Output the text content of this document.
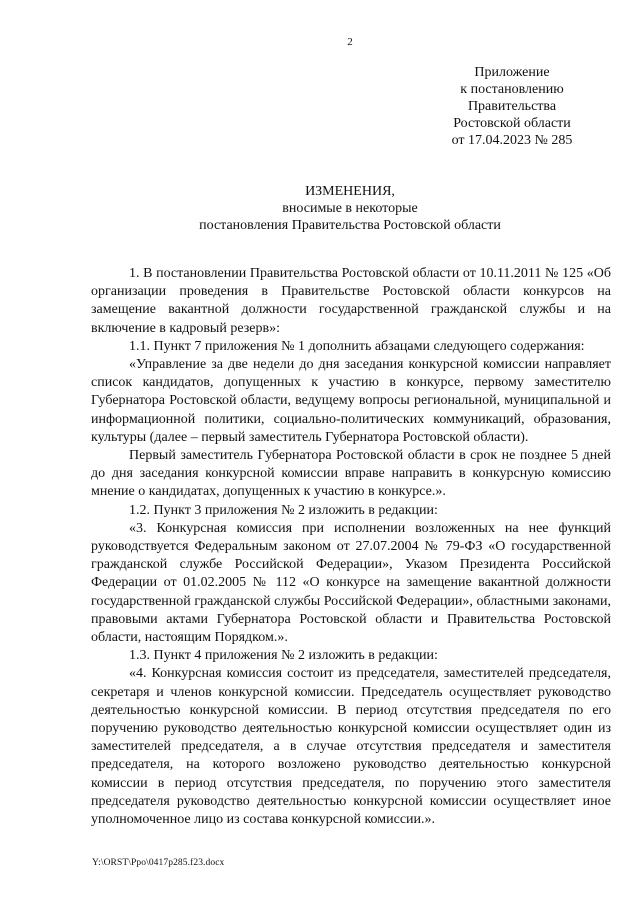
2
Приложение
к постановлению
Правительства
Ростовской области
от 17.04.2023 № 285
ИЗМЕНЕНИЯ,
вносимые в некоторые
постановления Правительства Ростовской области

1. В постановлении Правительства Ростовской области от 10.11.2011 № 125 «Об организации проведения в Правительстве Ростовской области конкурсов на замещение вакантной должности государственной гражданской службы и на включение в кадровый резерв»:

1.1. Пункт 7 приложения № 1 дополнить абзацами следующего содержания:

«Управление за две недели до дня заседания конкурсной комиссии направляет список кандидатов, допущенных к участию в конкурсе, первому заместителю Губернатора Ростовской области, ведущему вопросы региональной, муниципальной и информационной политики, социально-политических коммуникаций, образования, культуры (далее – первый заместитель Губернатора Ростовской области).

Первый заместитель Губернатора Ростовской области в срок не позднее 5 дней до дня заседания конкурсной комиссии вправе направить в конкурсную комиссию мнение о кандидатах, допущенных к участию в конкурсе.».

1.2. Пункт 3 приложения № 2 изложить в редакции:

«3. Конкурсная комиссия при исполнении возложенных на нее функций руководствуется Федеральным законом от 27.07.2004 № 79-ФЗ «О государственной гражданской службе Российской Федерации», Указом Президента Российской Федерации от 01.02.2005 № 112 «О конкурсе на замещение вакантной должности государственной гражданской службы Российской Федерации», областными законами, правовыми актами Губернатора Ростовской области и Правительства Ростовской области, настоящим Порядком.».

1.3. Пункт 4 приложения № 2 изложить в редакции:

«4. Конкурсная комиссия состоит из председателя, заместителей председателя, секретаря и членов конкурсной комиссии. Председатель осуществляет руководство деятельностью конкурсной комиссии. В период отсутствия председателя по его поручению руководство деятельностью конкурсной комиссии осуществляет один из заместителей председателя, а в случае отсутствия председателя и заместителя председателя, на которого возложено руководство деятельностью конкурсной комиссии в период отсутствия председателя, по поручению этого заместителя председателя руководство деятельностью конкурсной комиссии осуществляет иное уполномоченное лицо из состава конкурсной комиссии.».

Y:\ORST\Ppo\0417p285.f23.docx
